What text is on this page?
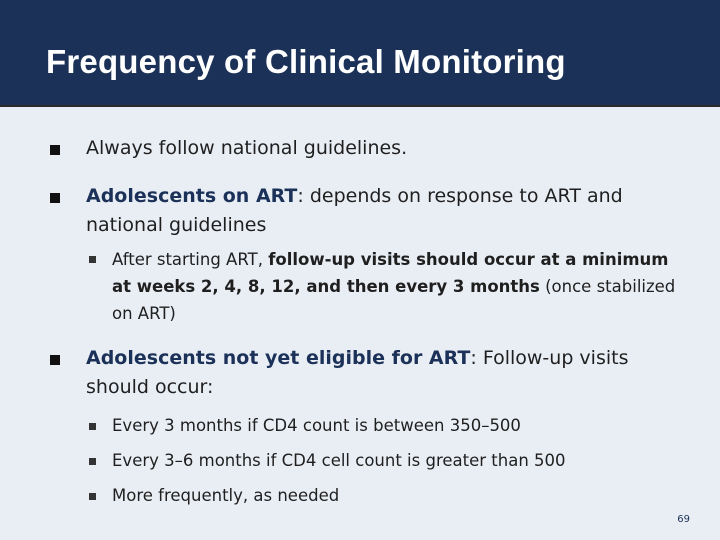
Frequency of Clinical Monitoring
Always follow national guidelines.
Adolescents on ART: depends on response to ART and
national guidelines
After starting ART, follow-up visits should occur at a minimum
at weeks 2, 4, 8, 12, and then every 3 months (once stabilized
on ART)
Adolescents not yet eligible for ART: Follow-up visits
should occur:
Every 3 months if CD4 count is between 350–500
Every 3–6 months if CD4 cell count is greater than 500
More frequently, as needed
69
